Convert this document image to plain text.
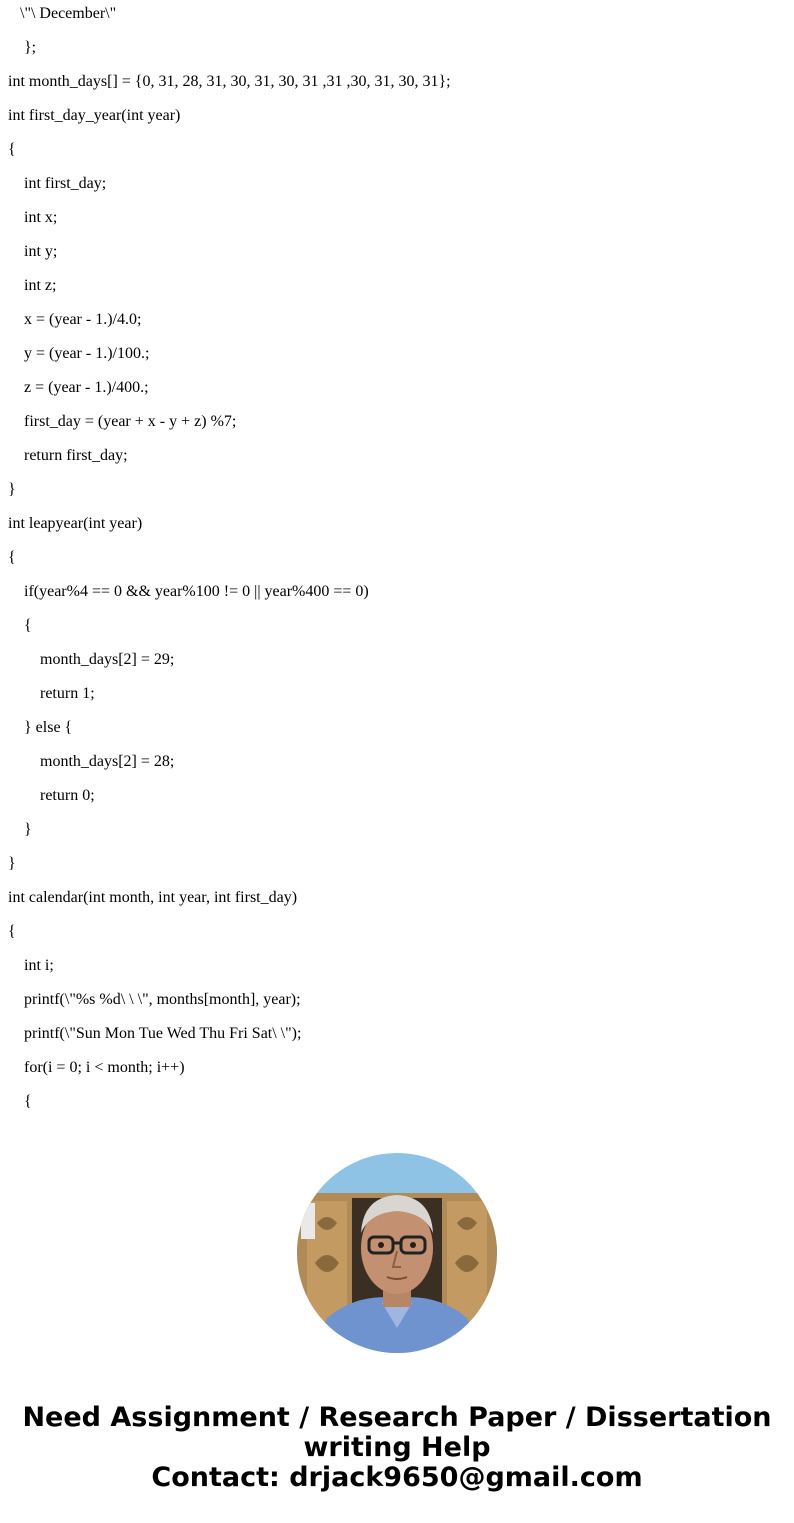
\"\ December\"
};
int month_days[] = {0, 31, 28, 31, 30, 31, 30, 31 ,31 ,30, 31, 30, 31};
int first_day_year(int year)
{
int first_day;
int x;
int y;
int z;
x = (year - 1.)/4.0;
y = (year - 1.)/100.;
z = (year - 1.)/400.;
first_day = (year + x - y + z) %7;
return first_day;
}
int leapyear(int year)
{
if(year%4 == 0 && year%100 != 0 || year%400 == 0)
{
month_days[2] = 29;
return 1;
} else {
month_days[2] = 28;
return 0;
}
}
int calendar(int month, int year, int first_day)
{
int i;
printf(\"%s %d\ \ \", months[month], year);
printf(\"Sun Mon Tue Wed Thu Fri Sat\ \");
for(i = 0; i < month; i++)
{
Need Assignment / Research Paper / Dissertation
writing Help
Contact: drjack9650@gmail.com
